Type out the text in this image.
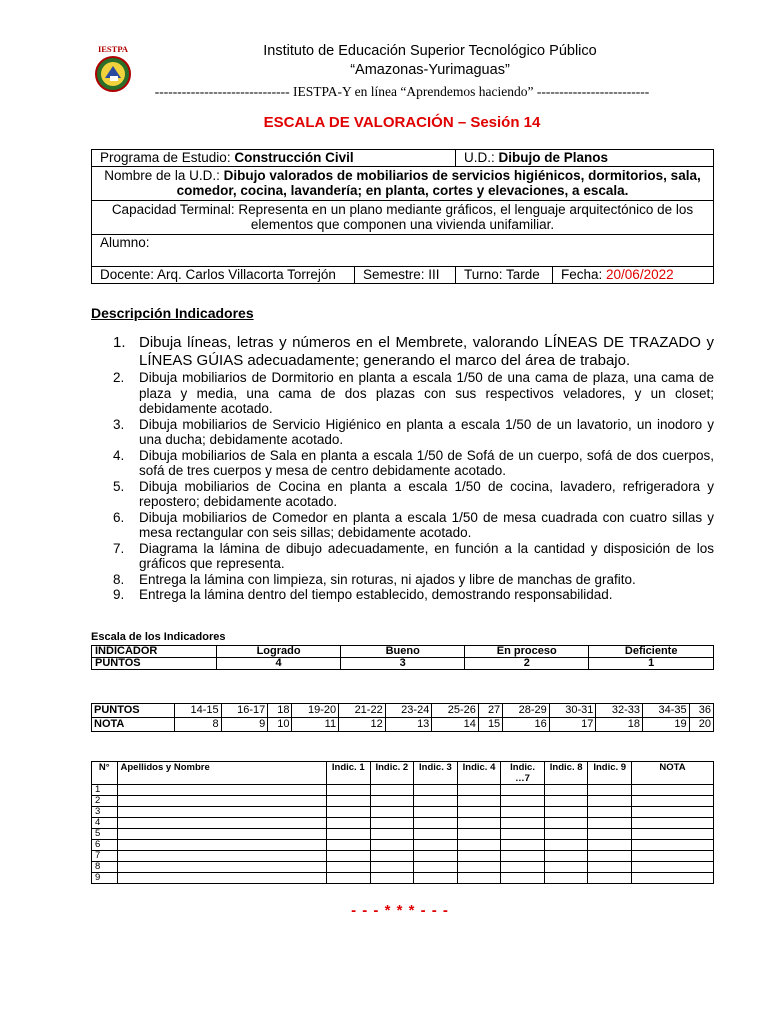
IESTPA	Instituto de Educación Superior Tecnológico Público
“Amazonas-Yurimaguas”
------------------------------ IESTPA-Y en línea “Aprendemos haciendo” -------------------------
ESCALA DE VALORACIÓN – Sesión 14
Programa de Estudio: Construcción Civil		U.D.: Dibujo de Planos	
Nombre de la U.D.: Dibujo valorados de mobiliarios de servicios higiénicos, dormitorios, sala, comedor, cocina, lavandería; en planta, cortes y elevaciones, a escala.			
Capacidad Terminal: Representa en un plano mediante gráficos, el lenguaje arquitectónico de los elementos que componen una vivienda unifamiliar.			
Alumno:			
Docente: Arq. Carlos Villacorta Torrejón	Semestre: III	Turno: Tarde	Fecha: 20/06/2022
Descripción Indicadores
1. Dibuja líneas, letras y números en el Membrete, valorando LÍNEAS DE TRAZADO y LÍNEAS GÚIAS adecuadamente; generando el marco del área de trabajo.
2. Dibuja mobiliarios de Dormitorio en planta a escala 1/50 de una cama de plaza, una cama de plaza y media, una cama de dos plazas con sus respectivos veladores, y un closet; debidamente acotado.
3. Dibuja mobiliarios de Servicio Higiénico en planta a escala 1/50 de un lavatorio, un inodoro y una ducha; debidamente acotado.
4. Dibuja mobiliarios de Sala en planta a escala 1/50 de Sofá de un cuerpo, sofá de dos cuerpos, sofá de tres cuerpos y mesa de centro debidamente acotado.
5. Dibuja mobiliarios de Cocina en planta a escala 1/50 de cocina, lavadero, refrigeradora y repostero; debidamente acotado.
6. Dibuja mobiliarios de Comedor en planta a escala 1/50 de mesa cuadrada con cuatro sillas y mesa rectangular con seis sillas; debidamente acotado.
7. Diagrama la lámina de dibujo adecuadamente, en función a la cantidad y disposición de los gráficos que representa.
8. Entrega la lámina con limpieza, sin roturas, ni ajados y libre de manchas de grafito.
9. Entrega la lámina dentro del tiempo establecido, demostrando responsabilidad.
Escala de los Indicadores
INDICADOR	Logrado	Bueno	En proceso	Deficiente
PUNTOS	4	3	2	1
PUNTOS	14-15	16-17	18	19-20	21-22	23-24	25-26	27	28-29	30-31	32-33	34-35	36
NOTA	8	9	10	11	12	13	14	15	16	17	18	19	20
N°	Apellidos y Nombre	Indic. 1	Indic. 2	Indic. 3	Indic. 4	Indic. …7	Indic. 8	Indic. 9	NOTA
1									
2									
3									
4									
5									
6									
7									
8									
9									
- - - * * * - - -
